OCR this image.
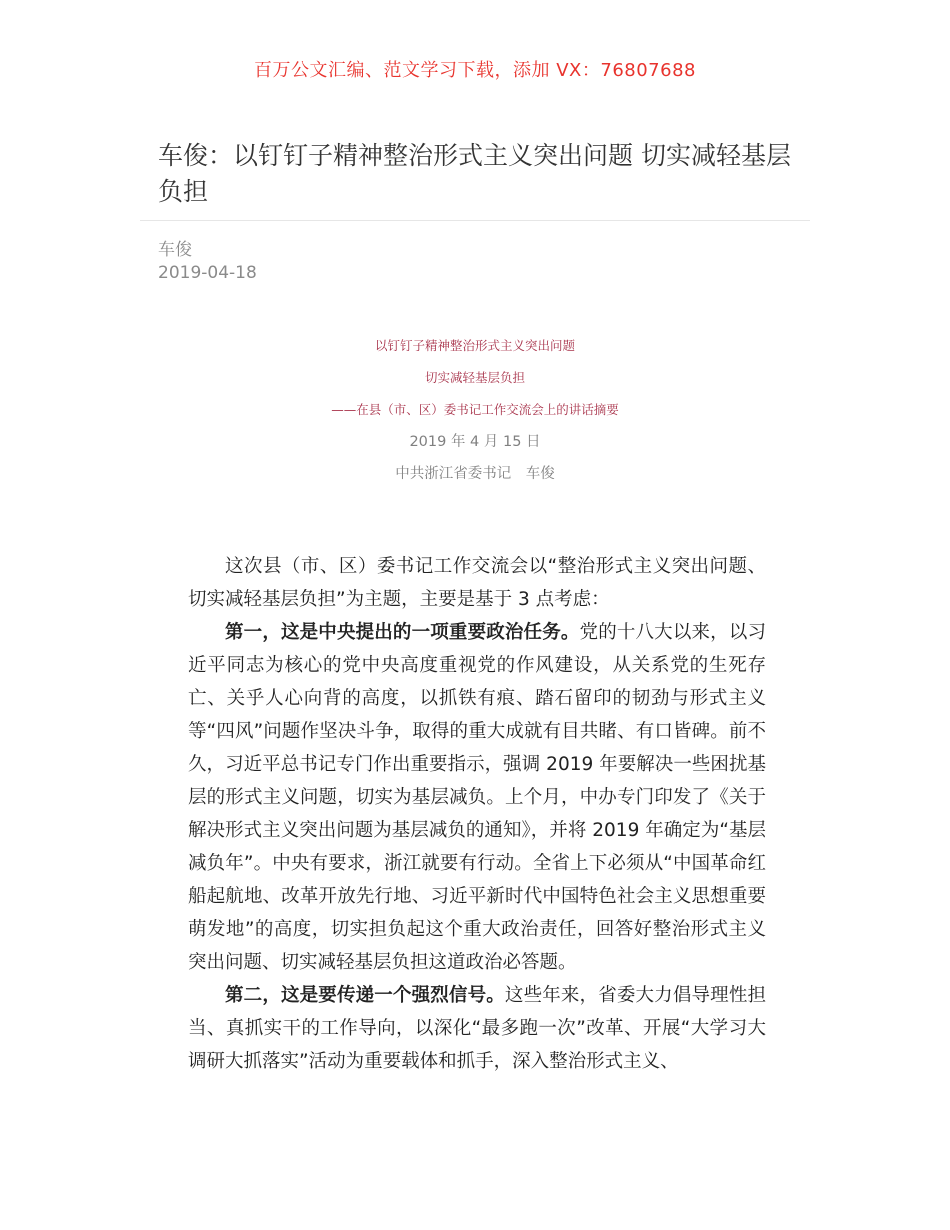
百万公文汇编、范文学习下载，添加 VX：76807688
车俊：以钉钉子精神整治形式主义突出问题 切实减轻基层负担
车俊
2019-04-18
以钉钉子精神整治形式主义突出问题
切实减轻基层负担
——在县（市、区）委书记工作交流会上的讲话摘要
2019 年 4 月 15 日
中共浙江省委书记　车俊

这次县（市、区）委书记工作交流会以“整治形式主义突出问题、切实减轻基层负担”为主题，主要是基于 3 点考虑：

第一，这是中央提出的一项重要政治任务。党的十八大以来，以习近平同志为核心的党中央高度重视党的作风建设，从关系党的生死存亡、关乎人心向背的高度，以抓铁有痕、踏石留印的韧劲与形式主义等“四风”问题作坚决斗争，取得的重大成就有目共睹、有口皆碑。前不久，习近平总书记专门作出重要指示，强调 2019 年要解决一些困扰基层的形式主义问题，切实为基层减负。上个月，中办专门印发了《关于解决形式主义突出问题为基层减负的通知》，并将 2019 年确定为“基层减负年”。中央有要求，浙江就要有行动。全省上下必须从“中国革命红船起航地、改革开放先行地、习近平新时代中国特色社会主义思想重要萌发地”的高度，切实担负起这个重大政治责任，回答好整治形式主义突出问题、切实减轻基层负担这道政治必答题。

第二，这是要传递一个强烈信号。这些年来，省委大力倡导理性担当、真抓实干的工作导向，以深化“最多跑一次”改革、开展“大学习大调研大抓落实”活动为重要载体和抓手，深入整治形式主义、
